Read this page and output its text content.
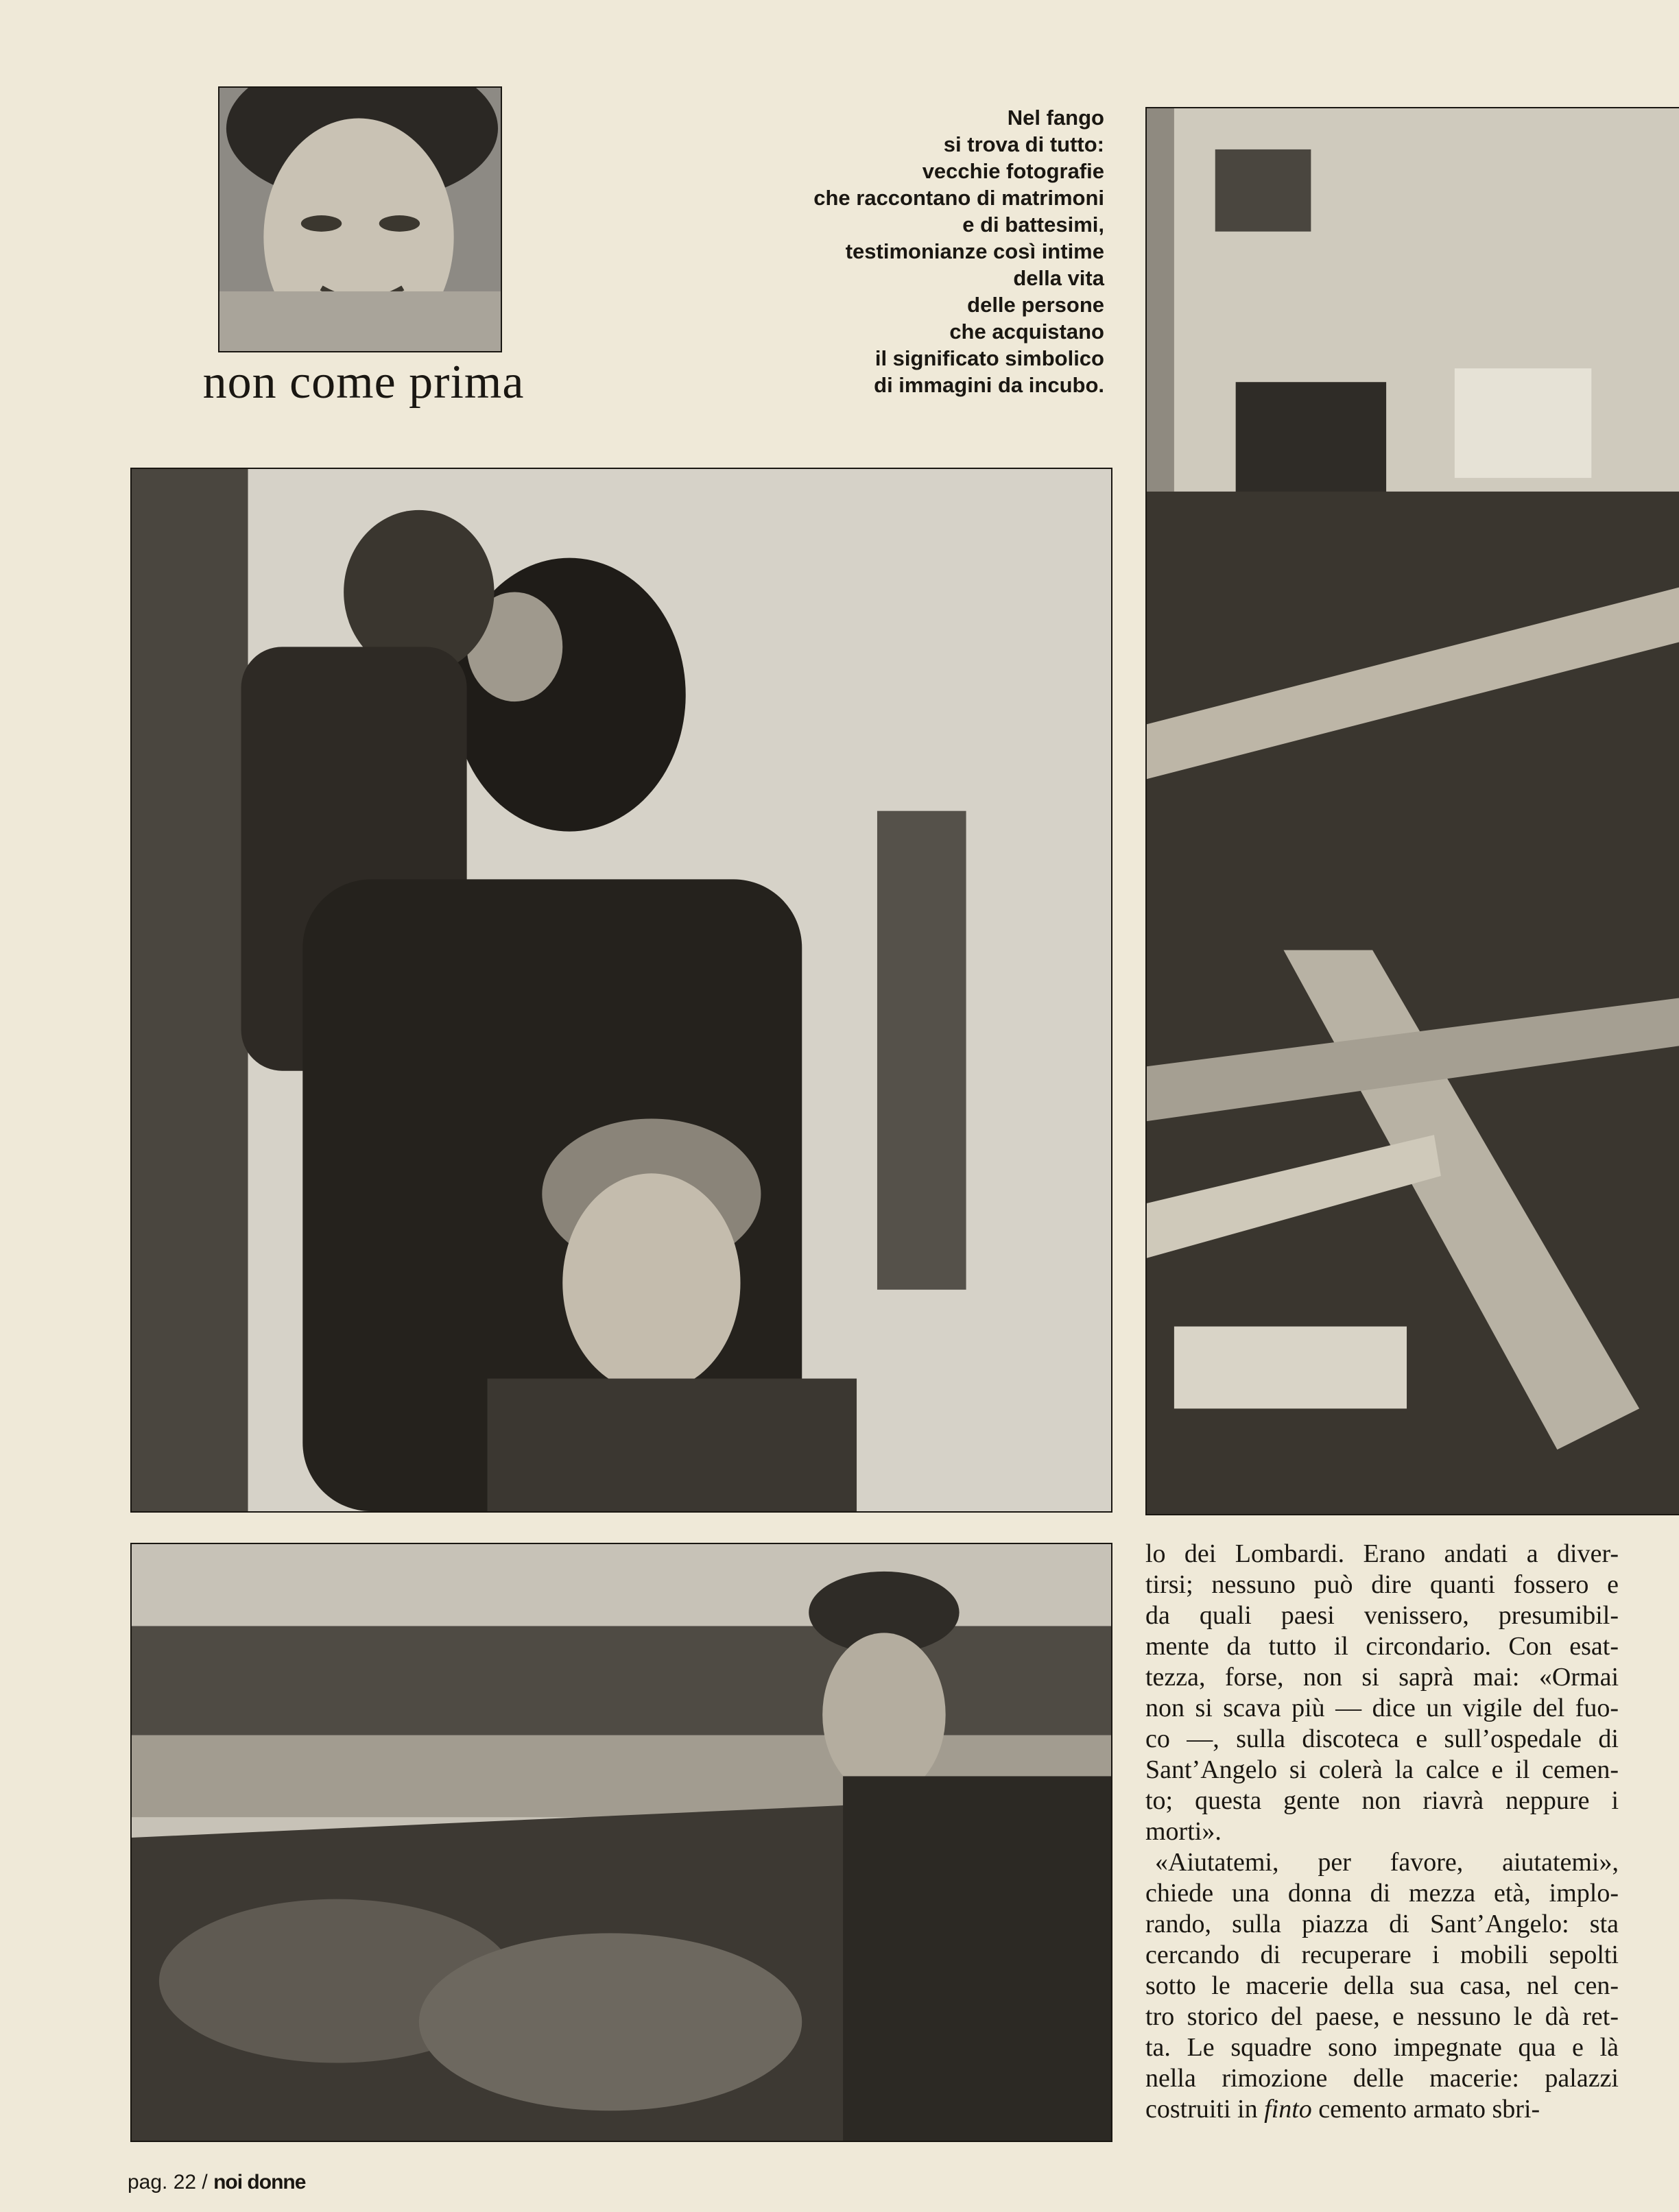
non come prima
Nel fango
si trova di tutto:
vecchie fotografie
che raccontano di matrimoni
e di battesimi,
testimonianze così intime
della vita
delle persone
che acquistano
il significato simbolico
di immagini da incubo.

lo dei Lombardi. Erano andati a diver-
tirsi; nessuno può dire quanti fossero e
da quali paesi venissero, presumibil-
mente da tutto il circondario. Con esat-
tezza, forse, non si saprà mai: «Ormai
non si scava più — dice un vigile del fuo-
co —, sulla discoteca e sull’ospedale di
Sant’Angelo si colerà la calce e il cemen-
to; questa gente non riavrà neppure i
morti».

«Aiutatemi, per favore, aiutatemi»,
chiede una donna di mezza età, implo-
rando, sulla piazza di Sant’Angelo: sta
cercando di recuperare i mobili sepolti
sotto le macerie della sua casa, nel cen-
tro storico del paese, e nessuno le dà ret-
ta. Le squadre sono impegnate qua e là
nella rimozione delle macerie: palazzi

costruiti in finto cemento armato sbri-
pag. 22 / noi donne
